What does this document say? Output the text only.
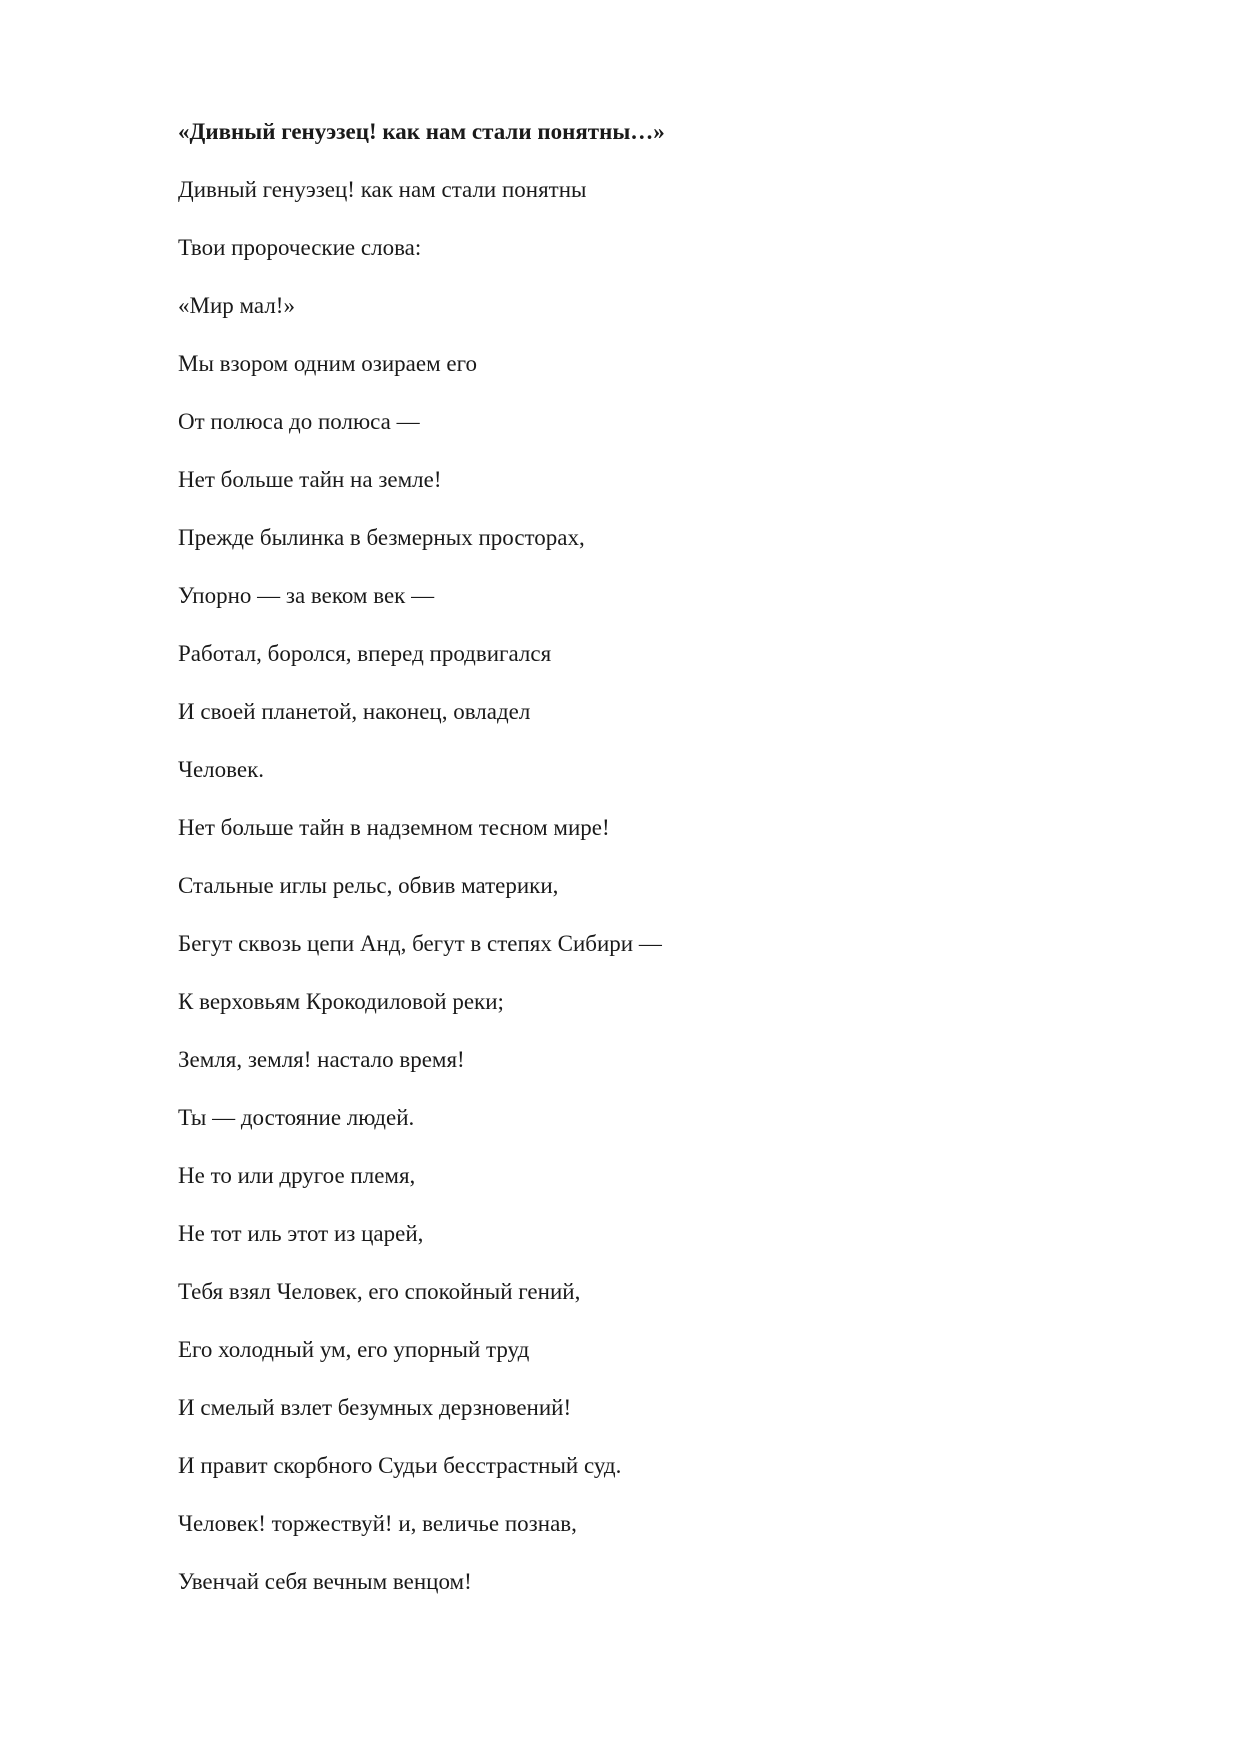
«Дивный генуэзец! как нам стали понятны…»
Дивный генуэзец! как нам стали понятны
Твои пророческие слова:
«Мир мал!»
Мы взором одним озираем его
От полюса до полюса —
Нет больше тайн на земле!
Прежде былинка в безмерных просторах,
Упорно — за веком век —
Работал, боролся, вперед продвигался
И своей планетой, наконец, овладел
Человек.
Нет больше тайн в надземном тесном мире!
Стальные иглы рельс, обвив материки,
Бегут сквозь цепи Анд, бегут в степях Сибири —
К верховьям Крокодиловой реки;
Земля, земля! настало время!
Ты — достояние людей.
Не то или другое племя,
Не тот иль этот из царей,
Тебя взял Человек, его спокойный гений,
Его холодный ум, его упорный труд
И смелый взлет безумных дерзновений!
И правит скорбного Судьи бесстрастный суд.
Человек! торжествуй! и, величье познав,
Увенчай себя вечным венцом!
